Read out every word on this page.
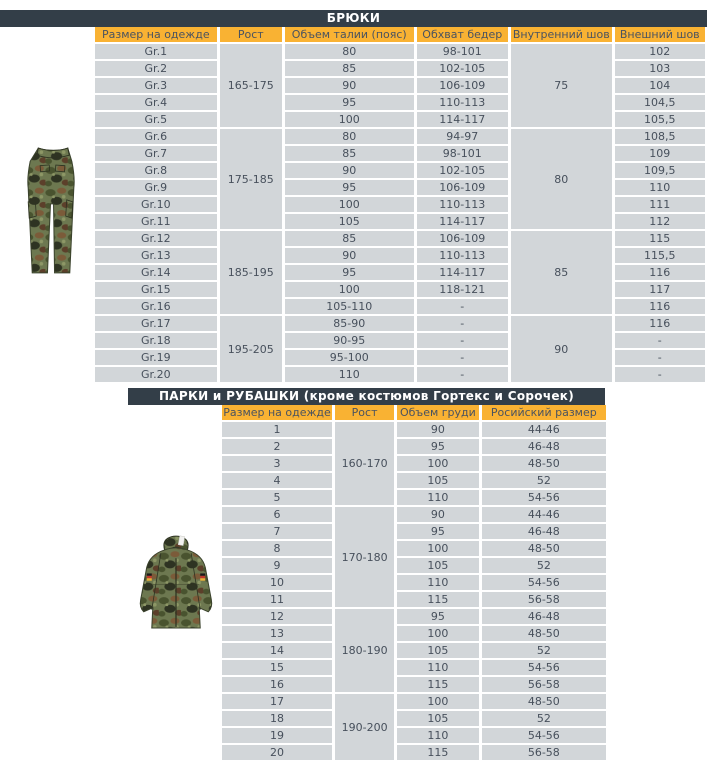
БРЮКИ
Размер на одежде	Рост	Объем талии (пояс)	Обхват бедер	Внутренний шов	Внешний шов
Gr.1	165-175	80	98-101	75	102
Gr.2		85	102-105		103
Gr.3		90	106-109		104
Gr.4		95	110-113		104,5
Gr.5		100	114-117		105,5
Gr.6	175-185	80	94-97	80	108,5
Gr.7		85	98-101		109
Gr.8		90	102-105		109,5
Gr.9		95	106-109		110
Gr.10		100	110-113		111
Gr.11		105	114-117		112
Gr.12	185-195	85	106-109	85	115
Gr.13		90	110-113		115,5
Gr.14		95	114-117		116
Gr.15		100	118-121		117
Gr.16		105-110	-		116
Gr.17	195-205	85-90	-	90	116
Gr.18		90-95	-		-
Gr.19		95-100	-		-
Gr.20		110	-		-
ПАРКИ и РУБАШКИ (кроме костюмов Гортекс и Сорочек)
Размер на одежде	Рост	Объем груди	Росийский размер
1	160-170	90	44-46
2		95	46-48
3		100	48-50
4		105	52
5		110	54-56
6	170-180	90	44-46
7		95	46-48
8		100	48-50
9		105	52
10		110	54-56
11		115	56-58
12	180-190	95	46-48
13		100	48-50
14		105	52
15		110	54-56
16		115	56-58
17	190-200	100	48-50
18		105	52
19		110	54-56
20		115	56-58
